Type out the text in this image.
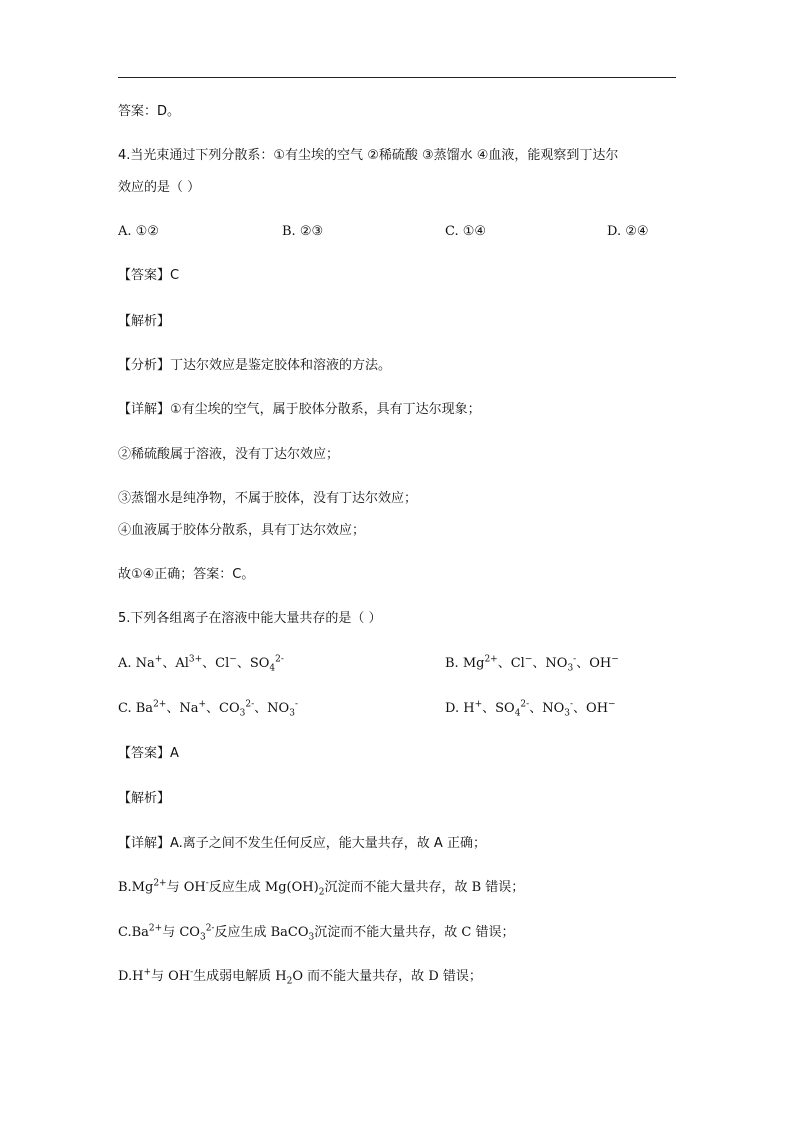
答案：D。
4.当光束通过下列分散系：①有尘埃的空气 ②稀硫酸 ③蒸馏水 ④血液，能观察到丁达尔
效应的是（ ）
A. ①②	B. ②③	C. ①④	D. ②④
【答案】C
【解析】
【分析】丁达尔效应是鉴定胶体和溶液的方法。
【详解】①有尘埃的空气，属于胶体分散系，具有丁达尔现象；
②稀硫酸属于溶液，没有丁达尔效应；
③蒸馏水是纯净物，不属于胶体，没有丁达尔效应；
④血液属于胶体分散系，具有丁达尔效应；
故①④正确；答案：C。
5.下列各组离子在溶液中能大量共存的是（ ）
A. Na+、$Al^{3+}$、Cl−、$SO_4^{2-}$	B. $Mg^{2+}$、Cl−、$NO_3^-$、OH−
C. $Ba^{2+}$、Na+、$CO_3^{2-}$、$NO_3^-$	D. H+、$SO_4^{2-}$、$NO_3^-$、OH−
【答案】A
【解析】
【详解】A.离子之间不发生任何反应，能大量共存，故 A 正确；
$B.Mg^{2+}$与 OH-反应生成 $Mg(OH)_2$沉淀而不能大量共存，故 B 错误；
$C.Ba^{2+}$与 $CO_3^{2-}$反应生成 BaCO$_3$沉淀而不能大量共存，故 C 错误；
D.H+与 OH-生成弱电解质 $H_2O$ 而不能大量共存，故 D 错误；
